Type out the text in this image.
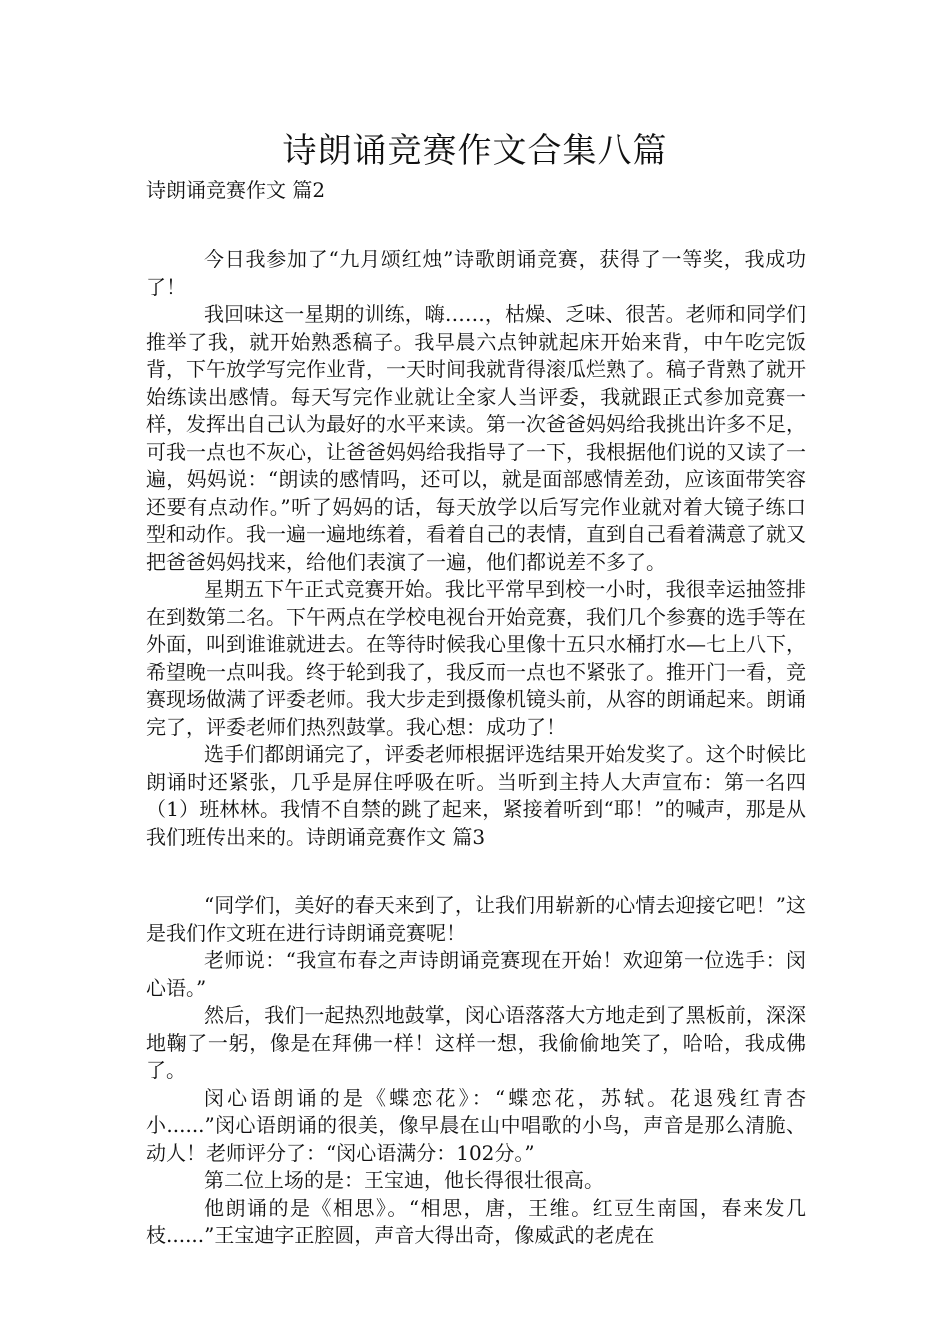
诗朗诵竞赛作文合集八篇
诗朗诵竞赛作文 篇2

今日我参加了“九月颂红烛”诗歌朗诵竞赛，获得了一等奖，我成功了！

我回味这一星期的训练，嗨……，枯燥、乏味、很苦。老师和同学们推举了我，就开始熟悉稿子。我早晨六点钟就起床开始来背，中午吃完饭背，下午放学写完作业背，一天时间我就背得滚瓜烂熟了。稿子背熟了就开始练读出感情。每天写完作业就让全家人当评委，我就跟正式参加竞赛一样，发挥出自己认为最好的水平来读。第一次爸爸妈妈给我挑出许多不足，可我一点也不灰心，让爸爸妈妈给我指导了一下，我根据他们说的又读了一遍，妈妈说：“朗读的感情吗，还可以，就是面部感情差劲，应该面带笑容还要有点动作。”听了妈妈的话，每天放学以后写完作业就对着大镜子练口型和动作。我一遍一遍地练着，看着自己的表情，直到自己看着满意了就又把爸爸妈妈找来，给他们表演了一遍，他们都说差不多了。

星期五下午正式竞赛开始。我比平常早到校一小时，我很幸运抽签排在到数第二名。下午两点在学校电视台开始竞赛，我们几个参赛的选手等在外面，叫到谁谁就进去。在等待时候我心里像十五只水桶打水—七上八下，希望晚一点叫我。终于轮到我了，我反而一点也不紧张了。推开门一看，竞赛现场做满了评委老师。我大步走到摄像机镜头前，从容的朗诵起来。朗诵完了，评委老师们热烈鼓掌。我心想：成功了！

选手们都朗诵完了，评委老师根据评选结果开始发奖了。这个时候比朗诵时还紧张，几乎是屏住呼吸在听。当听到主持人大声宣布：第一名四（1）班林林。我情不自禁的跳了起来，紧接着听到“耶！”的喊声，那是从我们班传出来的。诗朗诵竞赛作文 篇3

“同学们，美好的春天来到了，让我们用崭新的心情去迎接它吧！”这是我们作文班在进行诗朗诵竞赛呢！

老师说：“我宣布春之声诗朗诵竞赛现在开始！欢迎第一位选手：闵心语。”

然后，我们一起热烈地鼓掌，闵心语落落大方地走到了黑板前，深深地鞠了一躬，像是在拜佛一样！这样一想，我偷偷地笑了，哈哈，我成佛了。

闵心语朗诵的是《蝶恋花》：“蝶恋花，苏轼。花退残红青杏小......”闵心语朗诵的很美，像早晨在山中唱歌的小鸟，声音是那么清脆、动人！老师评分了：“闵心语满分：102分。”

第二位上场的是：王宝迪，他长得很壮很高。

他朗诵的是《相思》。“相思，唐，王维。红豆生南国，春来发几枝......”王宝迪字正腔圆，声音大得出奇，像威武的老虎在
